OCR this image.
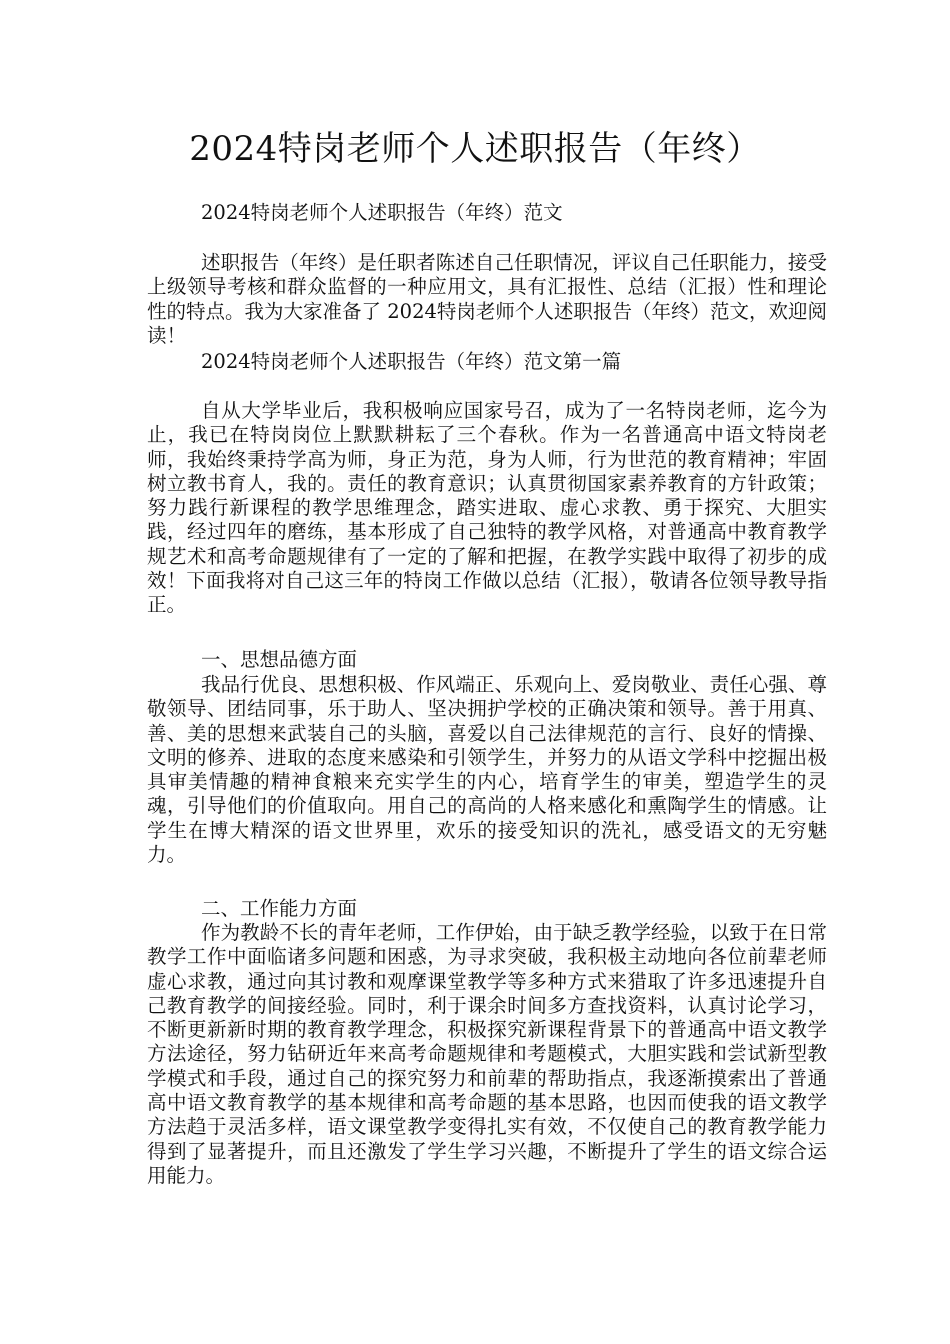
2024特岗老师个人述职报告（年终）

2024特岗老师个人述职报告（年终）范文

述职报告（年终）是任职者陈述自己任职情况，评议自己任职能力，接受上级领导考核和群众监督的一种应用文，具有汇报性、总结（汇报）性和理论性的特点。我为大家准备了 2024特岗老师个人述职报告（年终）范文，欢迎阅读！

2024特岗老师个人述职报告（年终）范文第一篇

自从大学毕业后，我积极响应国家号召，成为了一名特岗老师，迄今为止，我已在特岗岗位上默默耕耘了三个春秋。作为一名普通高中语文特岗老师，我始终秉持学高为师，身正为范，身为人师，行为世范的教育精神；牢固树立教书育人，我的。责任的教育意识；认真贯彻国家素养教育的方针政策；努力践行新课程的教学思维理念，踏实进取、虚心求教、勇于探究、大胆实践，经过四年的磨练，基本形成了自己独特的教学风格，对普通高中教育教学规艺术和高考命题规律有了一定的了解和把握，在教学实践中取得了初步的成效！下面我将对自己这三年的特岗工作做以总结（汇报），敬请各位领导教导指正。

一、思想品德方面

我品行优良、思想积极、作风端正、乐观向上、爱岗敬业、责任心强、尊敬领导、团结同事，乐于助人、坚决拥护学校的正确决策和领导。善于用真、善、美的思想来武装自己的头脑，喜爱以自己法律规范的言行、良好的情操、文明的修养、进取的态度来感染和引领学生，并努力的从语文学科中挖掘出极具审美情趣的精神食粮来充实学生的内心，培育学生的审美，塑造学生的灵魂，引导他们的价值取向。用自己的高尚的人格来感化和熏陶学生的情感。让学生在博大精深的语文世界里，欢乐的接受知识的洗礼，感受语文的无穷魅力。

二、工作能力方面

作为教龄不长的青年老师，工作伊始，由于缺乏教学经验，以致于在日常教学工作中面临诸多问题和困惑，为寻求突破，我积极主动地向各位前辈老师虚心求教，通过向其讨教和观摩课堂教学等多种方式来猎取了许多迅速提升自己教育教学的间接经验。同时，利于课余时间多方查找资料，认真讨论学习，不断更新新时期的教育教学理念，积极探究新课程背景下的普通高中语文教学方法途径，努力钻研近年来高考命题规律和考题模式，大胆实践和尝试新型教学模式和手段，通过自己的探究努力和前辈的帮助指点，我逐渐摸索出了普通高中语文教育教学的基本规律和高考命题的基本思路，也因而使我的语文教学方法趋于灵活多样，语文课堂教学变得扎实有效，不仅使自己的教育教学能力得到了显著提升，而且还激发了学生学习兴趣，不断提升了学生的语文综合运用能力。
